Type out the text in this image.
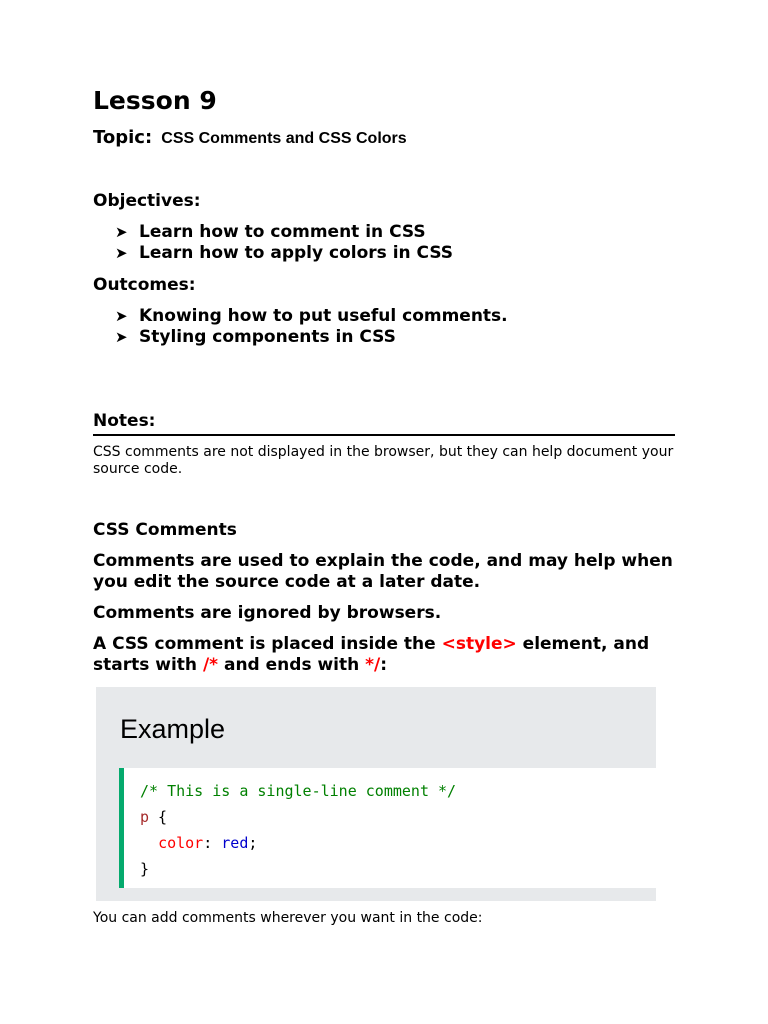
Lesson 9
Topic: CSS Comments and CSS Colors
Objectives:
➤ Learn how to comment in CSS
➤ Learn how to apply colors in CSS
Outcomes:
➤ Knowing how to put useful comments.
➤ Styling components in CSS
Notes:

CSS comments are not displayed in the browser, but they can help document your source code.

CSS Comments

Comments are used to explain the code, and may help when you edit the source code at a later date.

Comments are ignored by browsers.

A CSS comment is placed inside the <style> element, and starts with /* and ends with */:

Example
/* This is a single-line comment */
p {
color: red;
}

You can add comments wherever you want in the code:
